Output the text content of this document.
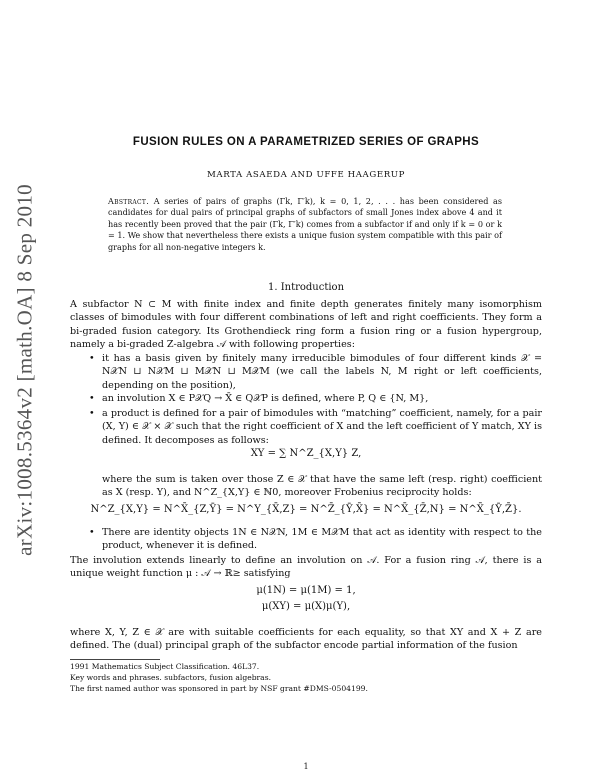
arXiv:1008.5364v2 [math.OA] 8 Sep 2010
FUSION RULES ON A PARAMETRIZED SERIES OF GRAPHS
MARTA ASAEDA AND UFFE HAAGERUP
Abstract. A series of pairs of graphs (Γk, Γ′k), k = 0, 1, 2, . . . has been considered as candidates for dual pairs of principal graphs of subfactors of small Jones index above 4 and it has recently been proved that the pair (Γk, Γ′k) comes from a subfactor if and only if k = 0 or k = 1. We show that nevertheless there exists a unique fusion system compatible with this pair of graphs for all non-negative integers k.
1. Introduction
A subfactor N ⊂ M with finite index and finite depth generates finitely many isomorphism classes of bimodules with four different combinations of left and right coefficients. They form a bi-graded fusion category. Its Grothendieck ring form a fusion ring or a fusion hypergroup, namely a bi-graded Z-algebra 𝒜 with following properties:
• it has a basis given by finitely many irreducible bimodules of four different kinds 𝒳 = N𝒳N ⊔ N𝒳M ⊔ M𝒳N ⊔ M𝒳M (we call the labels N, M right or left coefficients, depending on the position),
• an involution X ∈ P𝒳Q → X̄ ∈ Q𝒳P is defined, where P, Q ∈ {N, M},
• a product is defined for a pair of bimodules with “matching” coefficient, namely, for a pair (X, Y) ∈ 𝒳 × 𝒳 such that the right coefficient of X and the left coefficient of Y match, XY is defined. It decomposes as follows:
XY = ∑ N^Z_{X,Y} Z,
where the sum is taken over those Z ∈ 𝒳 that have the same left (resp. right) coefficient as X (resp. Y), and N^Z_{X,Y} ∈ ℕ0, moreover Frobenius reciprocity holds:
N^Z_{X,Y} = N^X̄_{Z,Ȳ} = N^Y_{X̄,Z} = N^Z̄_{Ȳ,X̄} = N^X̄_{Z̄,N} = N^X̄_{Ȳ,Z̄}.
• There are identity objects 1N ∈ N𝒳N, 1M ∈ M𝒳M that act as identity with respect to the product, whenever it is defined.
The involution extends linearly to define an involution on 𝒜. For a fusion ring 𝒜, there is a unique weight function μ : 𝒜 → ℝ≥ satisfying
μ(1N) = μ(1M) = 1,
μ(XY) = μ(X)μ(Y),
where X, Y, Z ∈ 𝒳 are with suitable coefficients for each equality, so that XY and X + Z are defined. The (dual) principal graph of the subfactor encode partial information of the fusion
1991 Mathematics Subject Classification. 46L37.
Key words and phrases. subfactors, fusion algebras.
The first named author was sponsored in part by NSF grant #DMS-0504199.
1
